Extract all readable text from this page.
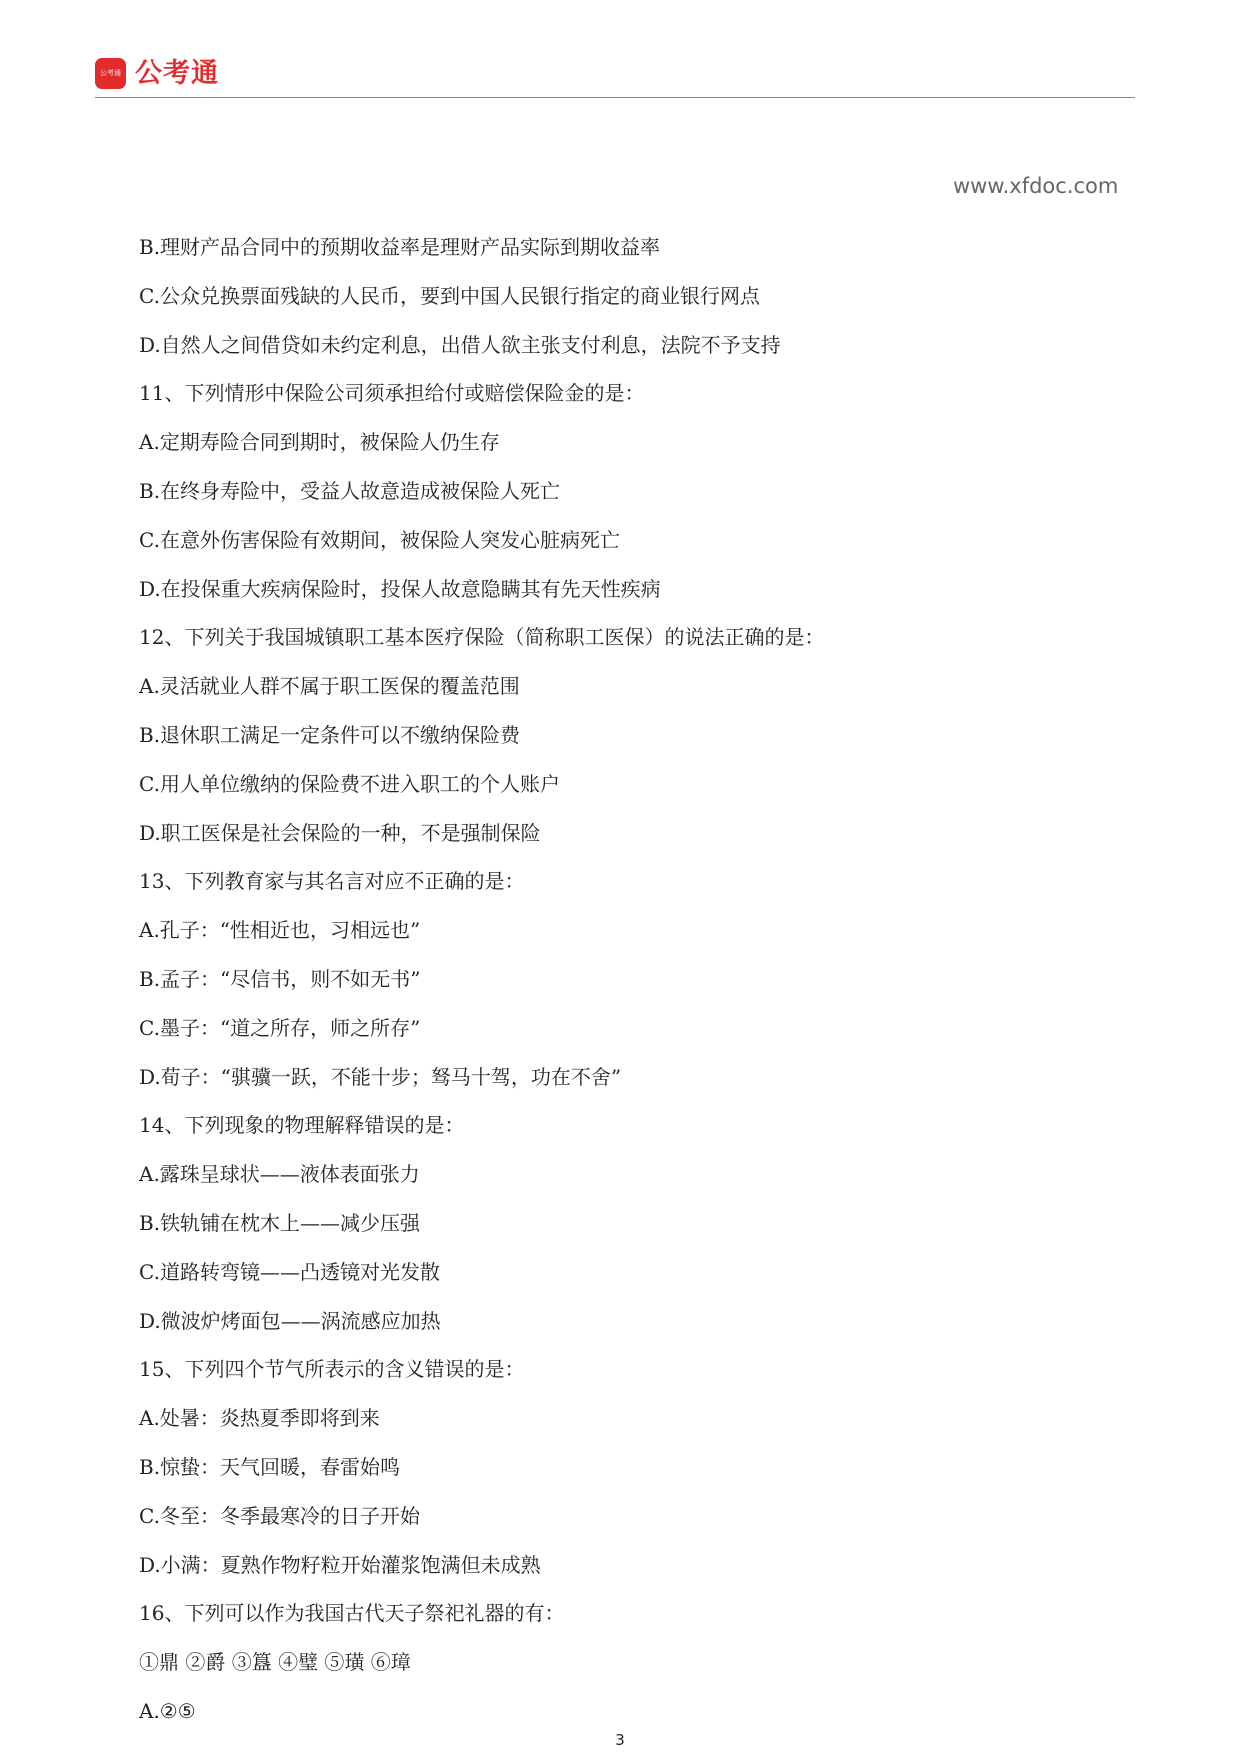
公考通 公考通
www.xfdoc.com
B.理财产品合同中的预期收益率是理财产品实际到期收益率
C.公众兑换票面残缺的人民币，要到中国人民银行指定的商业银行网点
D.自然人之间借贷如未约定利息，出借人欲主张支付利息，法院不予支持
11、下列情形中保险公司须承担给付或赔偿保险金的是：
A.定期寿险合同到期时，被保险人仍生存
B.在终身寿险中，受益人故意造成被保险人死亡
C.在意外伤害保险有效期间，被保险人突发心脏病死亡
D.在投保重大疾病保险时，投保人故意隐瞒其有先天性疾病
12、下列关于我国城镇职工基本医疗保险（简称职工医保）的说法正确的是：
A.灵活就业人群不属于职工医保的覆盖范围
B.退休职工满足一定条件可以不缴纳保险费
C.用人单位缴纳的保险费不进入职工的个人账户
D.职工医保是社会保险的一种，不是强制保险
13、下列教育家与其名言对应不正确的是：
A.孔子：“性相近也，习相远也”
B.孟子：“尽信书，则不如无书”
C.墨子：“道之所存，师之所存”
D.荀子：“骐骥一跃，不能十步；驽马十驾，功在不舍”
14、下列现象的物理解释错误的是：
A.露珠呈球状——液体表面张力
B.铁轨铺在枕木上——减少压强
C.道路转弯镜——凸透镜对光发散
D.微波炉烤面包——涡流感应加热
15、下列四个节气所表示的含义错误的是：
A.处暑：炎热夏季即将到来
B.惊蛰：天气回暖，春雷始鸣
C.冬至：冬季最寒冷的日子开始
D.小满：夏熟作物籽粒开始灌浆饱满但未成熟
16、下列可以作为我国古代天子祭祀礼器的有：
①鼎 ②爵 ③簋 ④璧 ⑤璜 ⑥璋
A.②⑤
3
